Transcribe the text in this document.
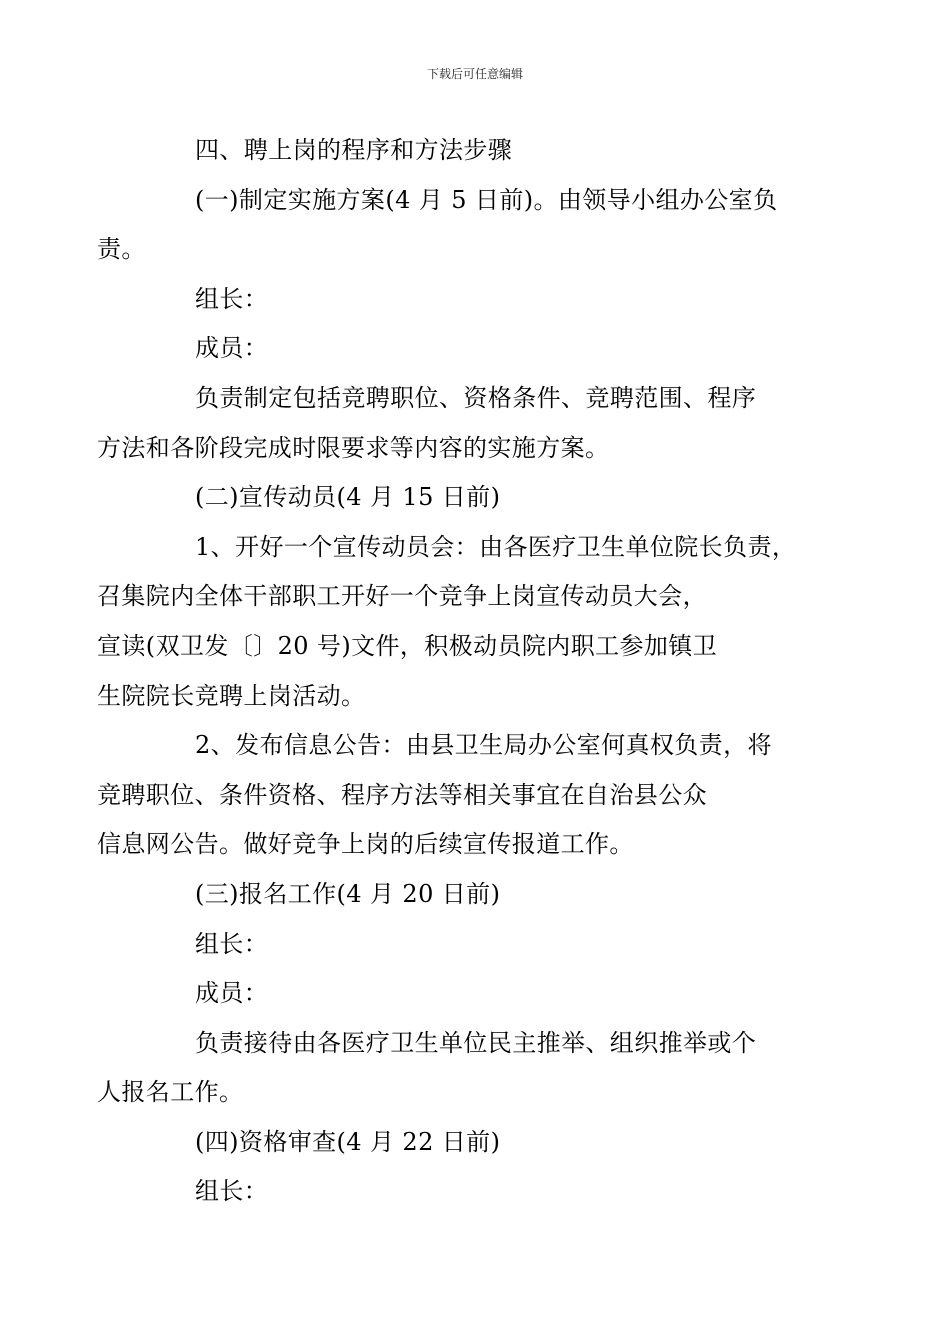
下载后可任意编辑

四、聘上岗的程序和方法步骤

(一)制定实施方案(4 月 5 日前)。由领导小组办公室负
责。

组长：

成员：

负责制定包括竞聘职位、资格条件、竞聘范围、程序
方法和各阶段完成时限要求等内容的实施方案。

(二)宣传动员(4 月 15 日前)

1、开好一个宣传动员会：由各医疗卫生单位院长负责，
召集院内全体干部职工开好一个竞争上岗宣传动员大会，
宣读(双卫发〔〕20 号)文件，积极动员院内职工参加镇卫
生院院长竞聘上岗活动。

2、发布信息公告：由县卫生局办公室何真权负责，将
竞聘职位、条件资格、程序方法等相关事宜在自治县公众
信息网公告。做好竞争上岗的后续宣传报道工作。

(三)报名工作(4 月 20 日前)

组长：

成员：

负责接待由各医疗卫生单位民主推举、组织推举或个
人报名工作。

(四)资格审查(4 月 22 日前)

组长：
